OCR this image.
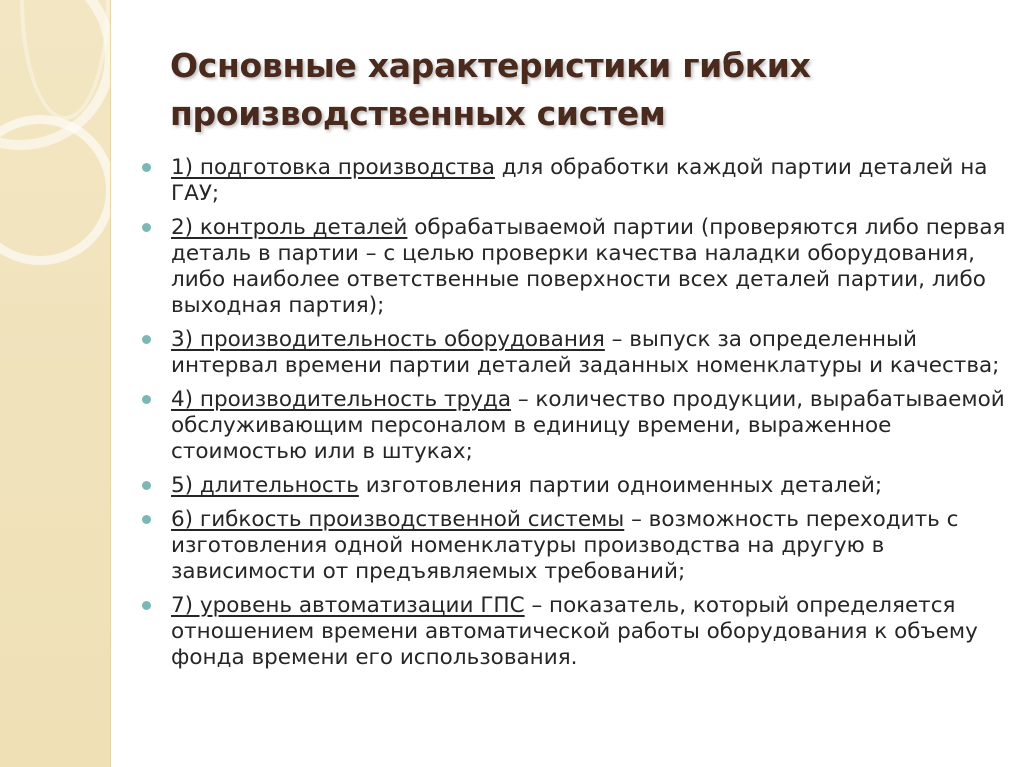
Основные характеристики гибких производственных систем
1) подготовка производства для обработки каждой партии деталей на ГАУ;
2) контроль деталей обрабатываемой партии (проверяются либо первая деталь в партии – с целью проверки качества наладки оборудования, либо наиболее ответственные поверхности всех деталей партии, либо выходная партия);
3) производительность оборудования – выпуск за определенный интервал времени партии деталей заданных номенклатуры и качества;
4) производительность труда – количество продукции, вырабатываемой обслуживающим персоналом в единицу времени, выраженное стоимостью или в штуках;
5) длительность изготовления партии одноименных деталей;
6) гибкость производственной системы – возможность переходить с изготовления одной номенклатуры производства на другую в зависимости от предъявляемых требований;
7) уровень автоматизации ГПС – показатель, который определяется отношением времени автоматической работы оборудования к объему фонда времени его использования.
